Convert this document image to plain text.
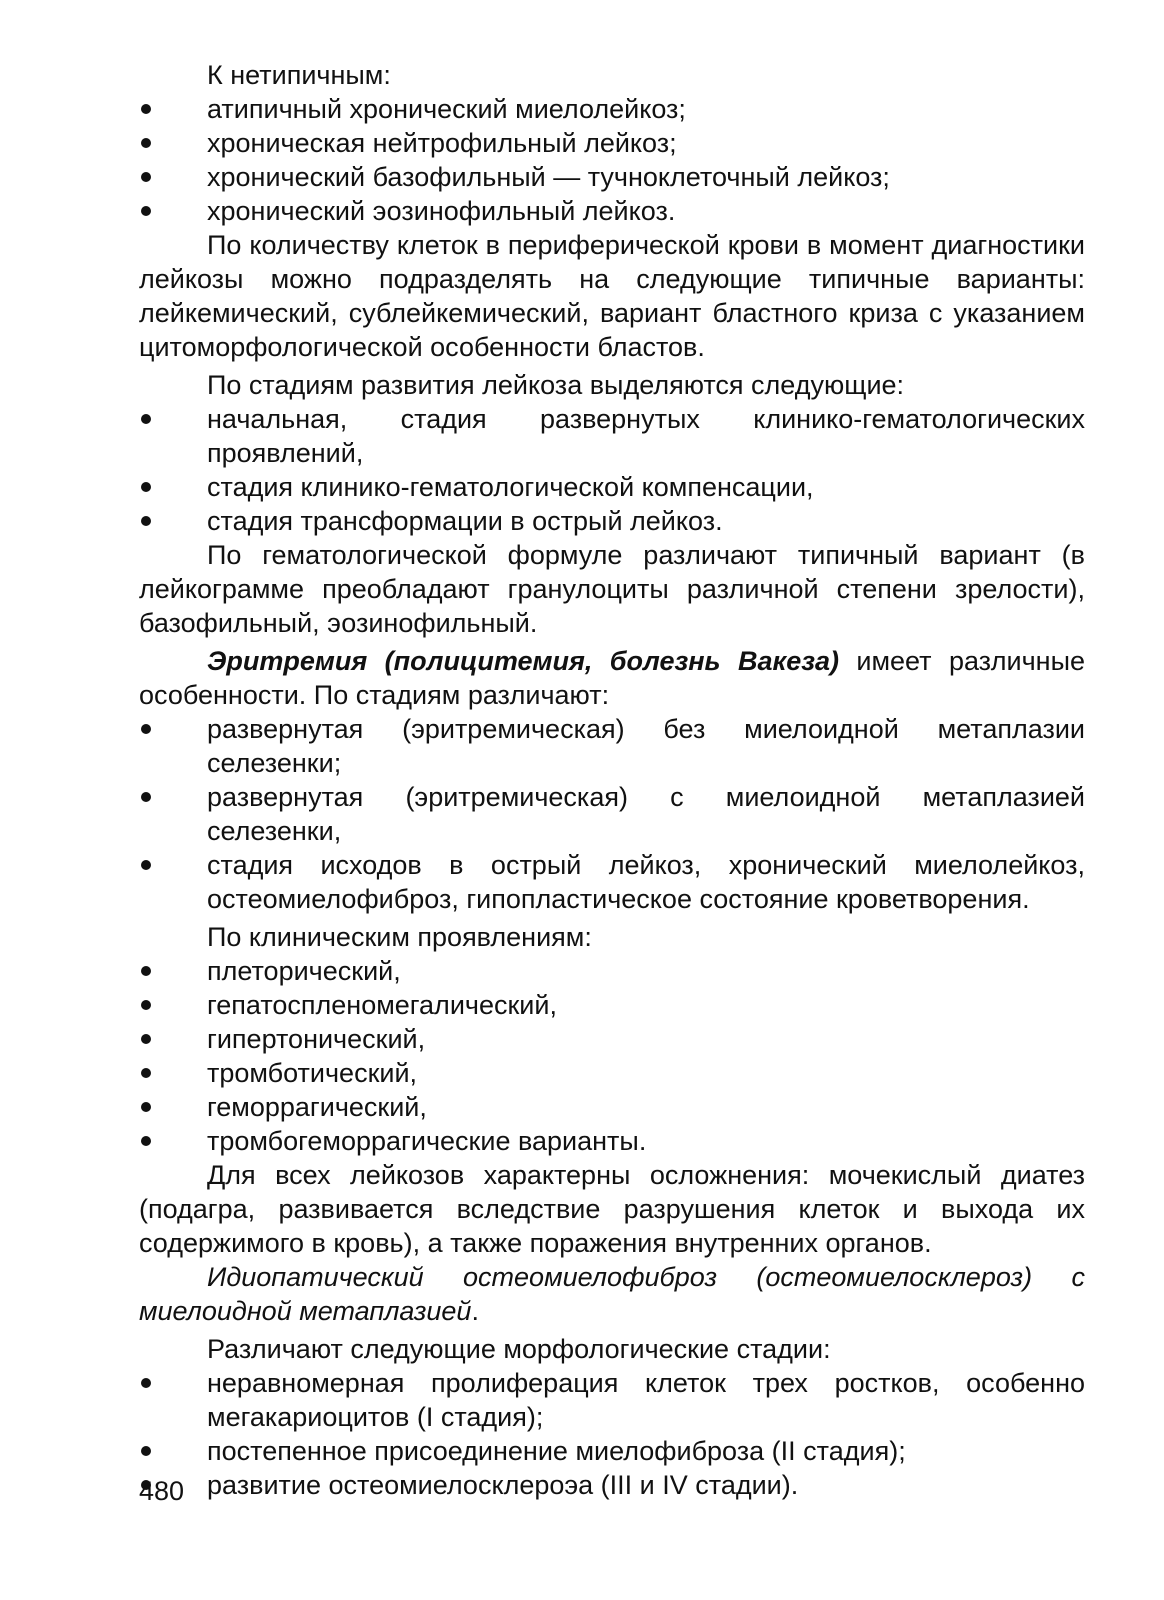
К нетипичным:

атипичный хронический миелолейкоз;
хроническая нейтрофильный лейкоз;
хронический базофильный — тучноклеточный лейкоз;
хронический эозинофильный лейкоз.

По количеству клеток в периферической крови в момент диагностики лейкозы можно подразделять на следующие типичные варианты: лейкемический, сублейкемический, вариант бластного криза с указанием цитоморфологической особенности бластов.

По стадиям развития лейкоза выделяются следующие:

начальная, стадия развернутых клинико-гематологических проявлений,
стадия клинико-гематологической компенсации,
стадия трансформации в острый лейкоз.

По гематологической формуле различают типичный вариант (в лейкограмме преобладают гранулоциты различной степени зрелости), базофильный, эозинофильный.

Эритремия (полицитемия, болезнь Вакеза) имеет различные особенности. По стадиям различают:

развернутая (эритремическая) без миелоидной метаплазии селезенки;
развернутая (эритремическая) с миелоидной метаплазией селезенки,
стадия исходов в острый лейкоз, хронический миелолейкоз, остеомиелофиброз, гипопластическое состояние кроветворения.

По клиническим проявлениям:

плеторический,
гепатоспленомегалический,
гипертонический,
тромботический,
геморрагический,
тромбогеморрагические варианты.

Для всех лейкозов характерны осложнения: мочекислый диатез (подагра, развивается вследствие разрушения клеток и выхода их содержимого в кровь), а также поражения внутренних органов.

Идиопатический остеомиелофиброз (остеомиелосклероз) с миелоидной метаплазией.

Различают следующие морфологические стадии:

неравномерная пролиферация клеток трех ростков, особенно мегакариоцитов (I стадия);
постепенное присоединение миелофиброза (II стадия);
развитие остеомиелосклероэа (III и IV стадии).
480
